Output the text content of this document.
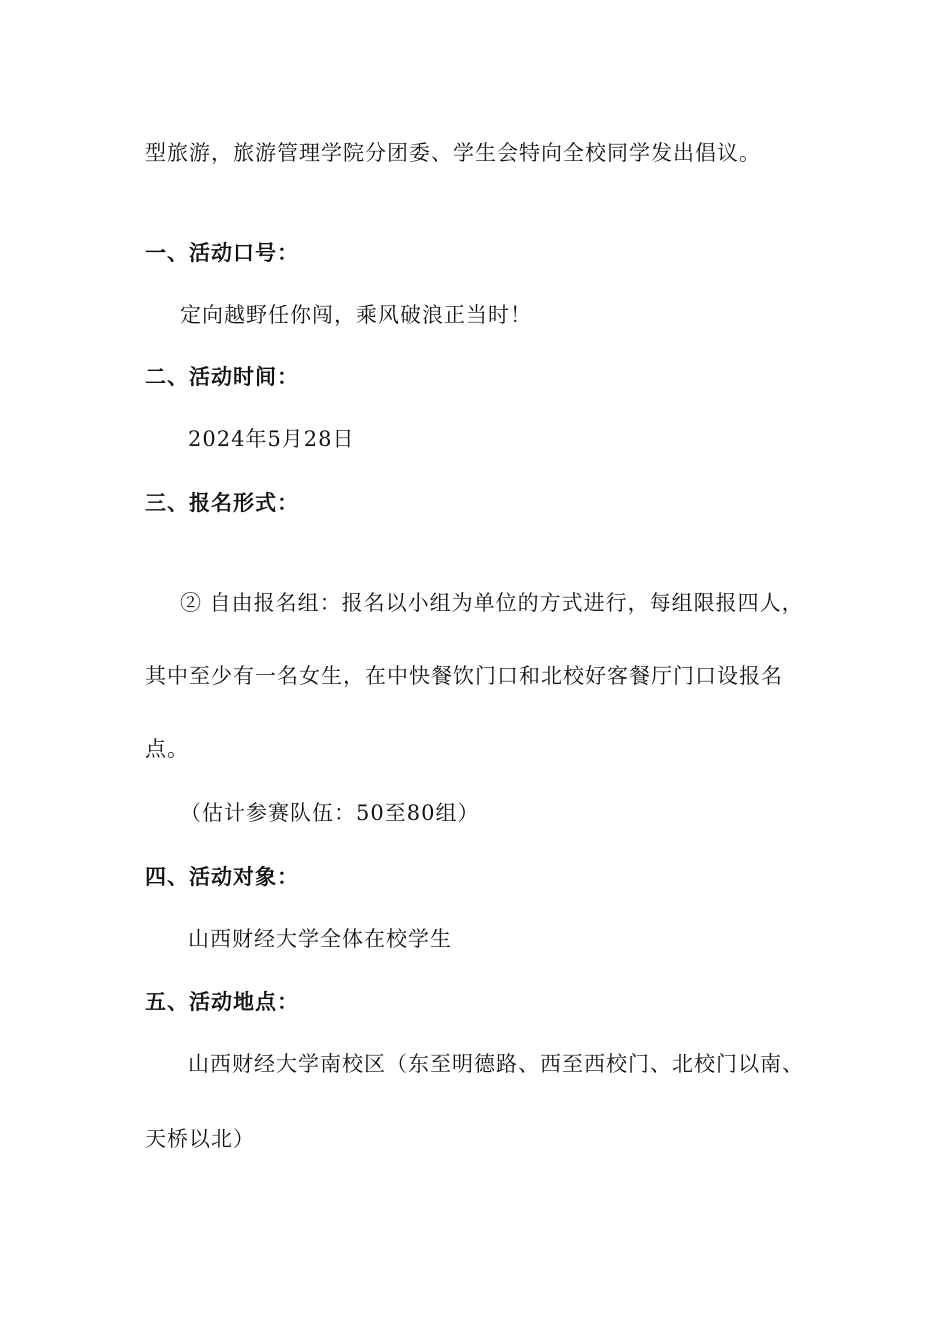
型旅游，旅游管理学院分团委、学生会特向全校同学发出倡议。
一、活动口号：
定向越野任你闯，乘风破浪正当时！
二、活动时间：
2024年5月28日
三、报名形式：
② 自由报名组：报名以小组为单位的方式进行，每组限报四人，
其中至少有一名女生，在中快餐饮门口和北校好客餐厅门口设报名
点。
（估计参赛队伍：50至80组）
四、活动对象：
山西财经大学全体在校学生
五、活动地点：
山西财经大学南校区（东至明德路、西至西校门、北校门以南、
天桥以北）
